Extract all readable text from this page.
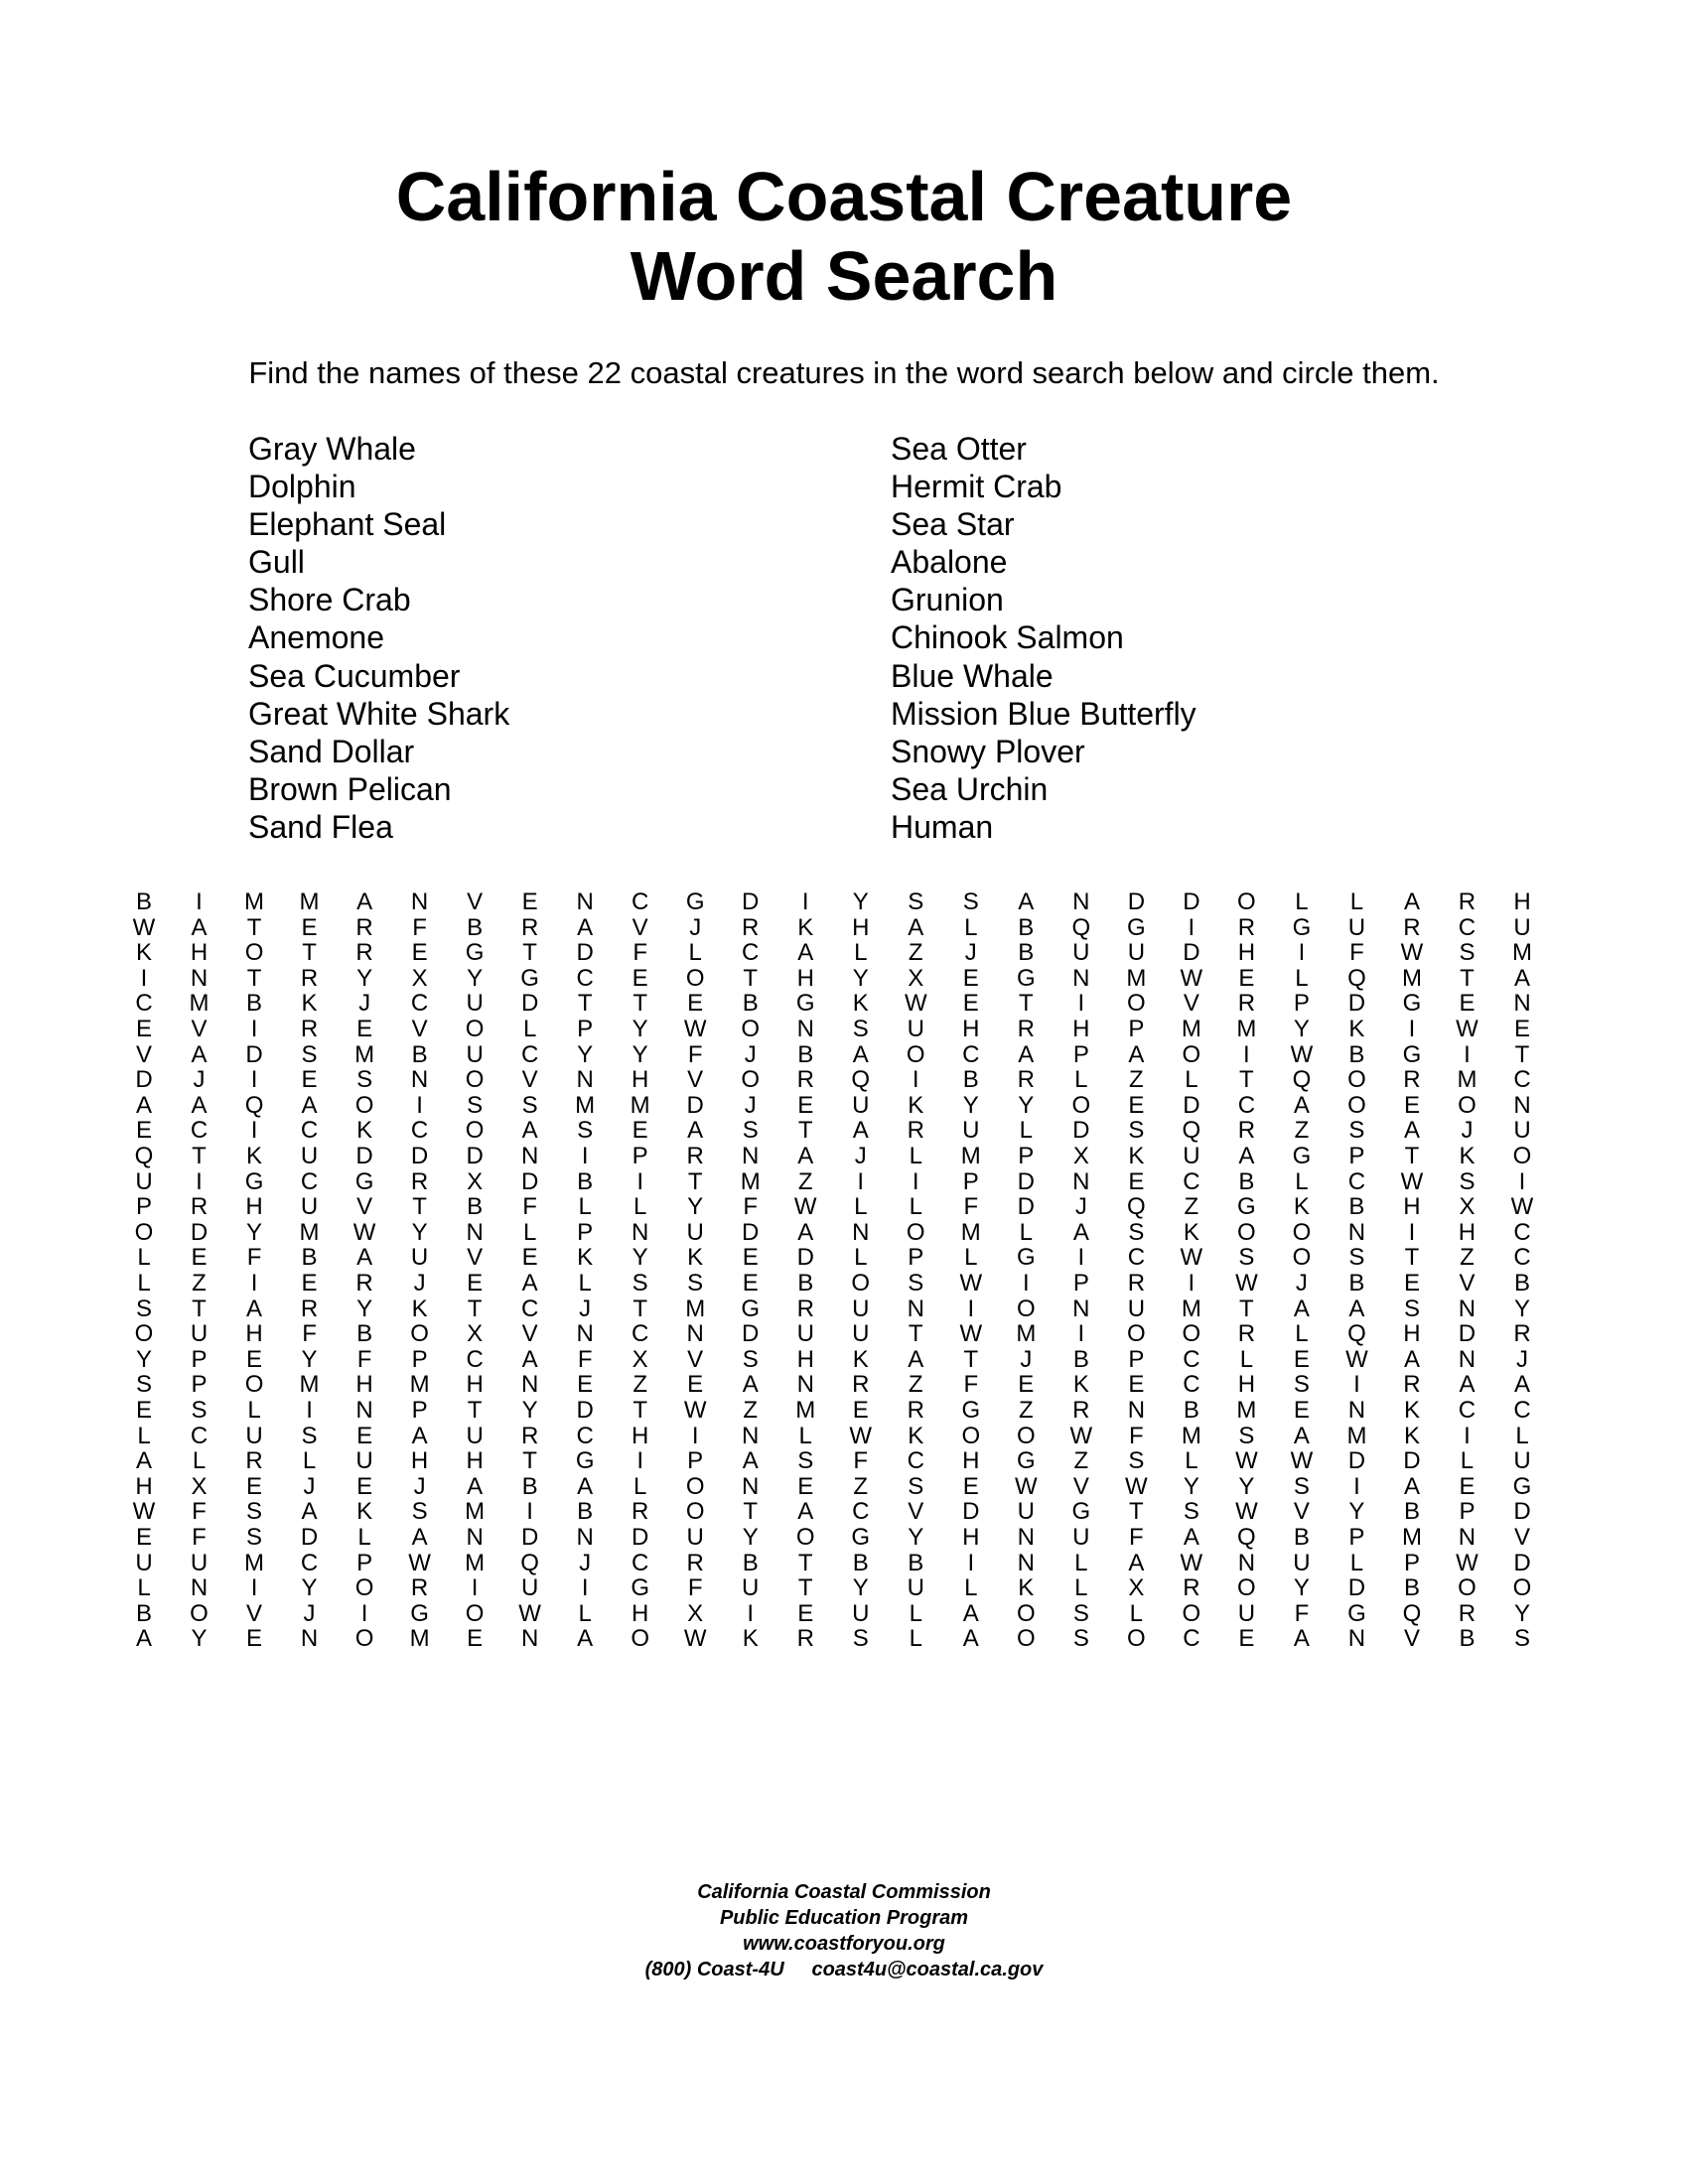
California Coastal Creature
Word Search
Find the names of these 22 coastal creatures in the word search below and circle them.
Gray Whale
Dolphin
Elephant Seal
Gull
Shore Crab
Anemone
Sea Cucumber
Great White Shark
Sand Dollar
Brown Pelican
Sand Flea
Sea Otter
Hermit Crab
Sea Star
Abalone
Grunion
Chinook Salmon
Blue Whale
Mission Blue Butterfly
Snowy Plover
Sea Urchin
Human
B	I	M	M	A	N	V	E	N	C	G	D	I	Y	S	S	A	N	D	D	O	L	L	A	R	H
W	A	T	E	R	F	B	R	A	V	J	R	K	H	A	L	B	Q	G	I	R	G	U	R	C	U
K	H	O	T	R	E	G	T	D	F	L	C	A	L	Z	J	B	U	U	D	H	I	F	W	S	M
I	N	T	R	Y	X	Y	G	C	E	O	T	H	Y	X	E	G	N	M	W	E	L	Q	M	T	A
C	M	B	K	J	C	U	D	T	T	E	B	G	K	W	E	T	I	O	V	R	P	D	G	E	N
E	V	I	R	E	V	O	L	P	Y	W	O	N	S	U	H	R	H	P	M	M	Y	K	I	W	E
V	A	D	S	M	B	U	C	Y	Y	F	J	B	A	O	C	A	P	A	O	I	W	B	G	I	T
D	J	I	E	S	N	O	V	N	H	V	O	R	Q	I	B	R	L	Z	L	T	Q	O	R	M	C
A	A	Q	A	O	I	S	S	M	M	D	J	E	U	K	Y	Y	O	E	D	C	A	O	E	O	N
E	C	I	C	K	C	O	A	S	E	A	S	T	A	R	U	L	D	S	Q	R	Z	S	A	J	U
Q	T	K	U	D	D	D	N	I	P	R	N	A	J	L	M	P	X	K	U	A	G	P	T	K	O
U	I	G	C	G	R	X	D	B	I	T	M	Z	I	I	P	D	N	E	C	B	L	C	W	S	I
P	R	H	U	V	T	B	F	L	L	Y	F	W	L	L	F	D	J	Q	Z	G	K	B	H	X	W
O	D	Y	M	W	Y	N	L	P	N	U	D	A	N	O	M	L	A	S	K	O	O	N	I	H	C
L	E	F	B	A	U	V	E	K	Y	K	E	D	L	P	L	G	I	C	W	S	O	S	T	Z	C
L	Z	I	E	R	J	E	A	L	S	S	E	B	O	S	W	I	P	R	I	W	J	B	E	V	B
S	T	A	R	Y	K	T	C	J	T	M	G	R	U	N	I	O	N	U	M	T	A	A	S	N	Y
O	U	H	F	B	O	X	V	N	C	N	D	U	U	T	W	M	I	O	O	R	L	Q	H	D	R
Y	P	E	Y	F	P	C	A	F	X	V	S	H	K	A	T	J	B	P	C	L	E	W	A	N	J
S	P	O	M	H	M	H	N	E	Z	E	A	N	R	Z	F	E	K	E	C	H	S	I	R	A	A
E	S	L	I	N	P	T	Y	D	T	W	Z	M	E	R	G	Z	R	N	B	M	E	N	K	C	C
L	C	U	S	E	A	U	R	C	H	I	N	L	W	K	O	O	W	F	M	S	A	M	K	I	L
A	L	R	L	U	H	H	T	G	I	P	A	S	F	C	H	G	Z	S	L	W	W	D	D	L	U
H	X	E	J	E	J	A	B	A	L	O	N	E	Z	S	E	W	V	W	Y	Y	S	I	A	E	G
W	F	S	A	K	S	M	I	B	R	O	T	A	C	V	D	U	G	T	S	W	V	Y	B	P	D
E	F	S	D	L	A	N	D	N	D	U	Y	O	G	Y	H	N	U	F	A	Q	B	P	M	N	V
U	U	M	C	P	W	M	Q	J	C	R	B	T	B	B	I	N	L	A	W	N	U	L	P	W	D
L	N	I	Y	O	R	I	U	I	G	F	U	T	Y	U	L	K	L	X	R	O	Y	D	B	O	O
B	O	V	J	I	G	O	W	L	H	X	I	E	U	L	A	O	S	L	O	U	F	G	Q	R	Y
A	Y	E	N	O	M	E	N	A	O	W	K	R	S	L	A	O	S	O	C	E	A	N	V	B	S
California Coastal Commission
Public Education Program
www.coastforyou.org
(800) Coast-4U coast4u@coastal.ca.gov
